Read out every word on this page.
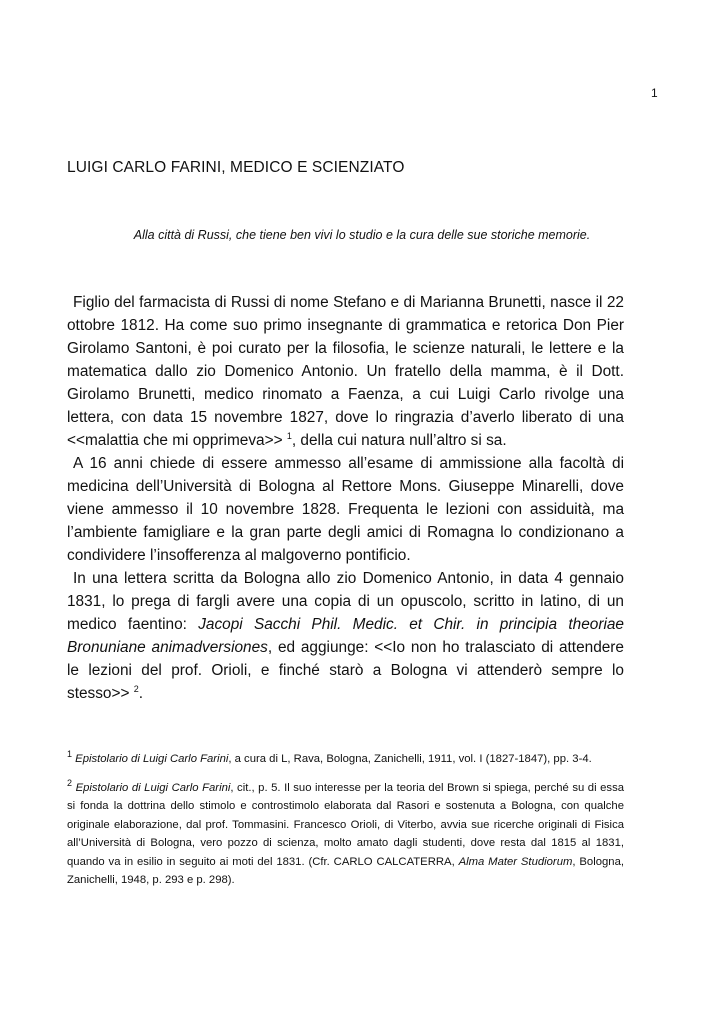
1
LUIGI CARLO FARINI, MEDICO E SCIENZIATO
Alla città di Russi, che tiene ben vivi lo studio e la cura delle sue storiche memorie.

Figlio del farmacista di Russi di nome Stefano e di Marianna Brunetti, nasce il 22 ottobre 1812. Ha come suo primo insegnante di grammatica e retorica Don Pier Girolamo Santoni, è poi curato per la filosofia, le scienze naturali, le lettere e la matematica dallo zio Domenico Antonio. Un fratello della mamma, è il Dott. Girolamo Brunetti, medico rinomato a Faenza, a cui Luigi Carlo rivolge una lettera, con data 15 novembre 1827, dove lo ringrazia d’averlo liberato di una <<malattia che mi opprimeva>> $^1$, della cui natura null’altro si sa.

A 16 anni chiede di essere ammesso all’esame di ammissione alla facoltà di medicina dell’Università di Bologna al Rettore Mons. Giuseppe Minarelli, dove viene ammesso il 10 novembre 1828. Frequenta le lezioni con assiduità, ma l’ambiente famigliare e la gran parte degli amici di Romagna lo condizionano a condividere l’insofferenza al malgoverno pontificio.

In una lettera scritta da Bologna allo zio Domenico Antonio, in data 4 gennaio 1831, lo prega di fargli avere una copia di un opuscolo, scritto in latino, di un medico faentino: Jacopi Sacchi Phil. Medic. et Chir. in principia theoriae Bronuniane animadversiones, ed aggiunge: <<Io non ho tralasciato di attendere le lezioni del prof. Orioli, e finché starò a Bologna vi attenderò sempre lo stesso>> $^2$.

$^1$ Epistolario di Luigi Carlo Farini, a cura di L, Rava, Bologna, Zanichelli, 1911, vol. I (1827-1847), pp. 3-4.

$^2$ Epistolario di Luigi Carlo Farini, cit., p. 5. Il suo interesse per la teoria del Brown si spiega, perché su di essa si fonda la dottrina dello stimolo e controstimolo elaborata dal Rasori e sostenuta a Bologna, con qualche originale elaborazione, dal prof. Tommasini. Francesco Orioli, di Viterbo, avvia sue ricerche originali di Fisica all’Università di Bologna, vero pozzo di scienza, molto amato dagli studenti, dove resta dal 1815 al 1831, quando va in esilio in seguito ai moti del 1831. (Cfr. CARLO CALCATERRA, Alma Mater Studiorum, Bologna, Zanichelli, 1948, p. 293 e p. 298).
